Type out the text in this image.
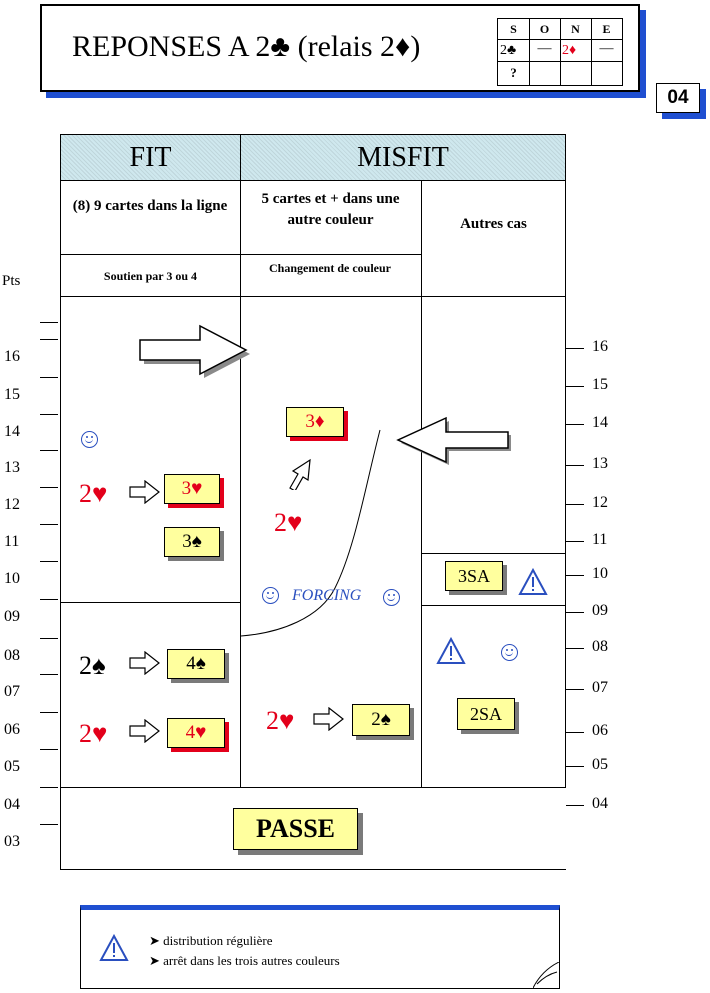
REPONSES A 2♣ (relais 2♦)
S	O	N	E
2♣	— 2♦	—
?
04
FIT	MISFIT
(8) 9 cartes dans la ligne
Soutien par 3 ou 4
5 cartes et + dans une autre couleur
Changement de couleur
Autres cas
Pts
16
15
14
13
12
11
10
09
08
07
06
05
04
03
16
15
14
13
12
11
10
09
08
07
06
05
04
2♥	3♥
3♠
2♠	4♠
2♥	4♥
3♦
2♥
FORCING
2♥	2♠
3SA
2SA
PASSE
➤ distribution régulière
➤ arrêt dans les trois autres couleurs
